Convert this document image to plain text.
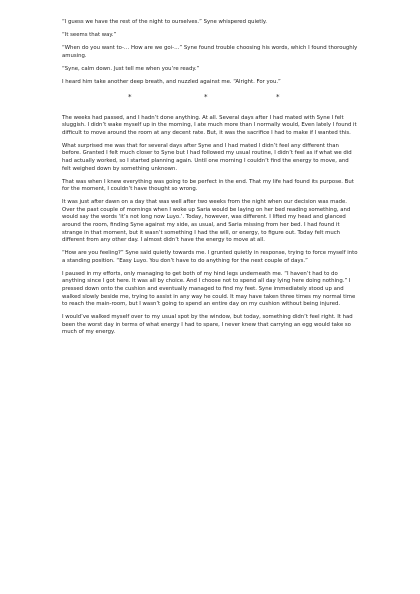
“I guess we have the rest of the night to ourselves.” Syne whispered quietly.

“It seems that way.”

“When do you want to-… How are we goi-…” Syne found trouble choosing his words, which I found thoroughly amusing.

“Syne, calm down. Just tell me when you’re ready.”

I heard him take another deep breath, and nuzzled against me. “Alright. For you.”

*	*	*

The weeks had passed, and I hadn’t done anything. At all. Several days after I had mated with Syne I felt sluggish. I didn’t wake myself up in the morning, I ate much more than I normally would, Even lately I found it difficult to move around the room at any decent rate. But, it was the sacrifice I had to make if I wanted this.

What surprised me was that for several days after Syne and I had mated I didn’t feel any different than before. Granted I felt much closer to Syne but I had followed my usual routine, I didn’t feel as if what we did had actually worked, so I started planning again. Until one morning I couldn’t find the energy to move, and felt weighed down by something unknown.

That was when I knew everything was going to be perfect in the end. That my life had found its purpose. But for the moment, I couldn’t have thought so wrong.

It was just after dawn on a day that was well after two weeks from the night when our decision was made. Over the past couple of mornings when I woke up Saria would be laying on her bed reading something, and would say the words ‘it’s not long now Luyo.’. Today, however, was different. I lifted my head and glanced around the room, finding Syne against my side, as usual, and Saria missing from her bed. I had found it strange in that moment, but it wasn’t something I had the will, or energy, to figure out. Today felt much different from any other day. I almost didn’t have the energy to move at all.

“How are you feeling?” Syne said quietly towards me. I grunted quietly in response, trying to force myself into a standing position. “Easy Luyo. You don’t have to do anything for the next couple of days.”

I paused in my efforts, only managing to get both of my hind legs underneath me. “I haven’t had to do anything since I got here. It was all by choice. And I choose not to spend all day lying here doing nothing.” I pressed down onto the cushion and eventually managed to find my feet. Syne immediately stood up and walked slowly beside me, trying to assist in any way he could. It may have taken three times my normal time to reach the main-room, but I wasn’t going to spend an entire day on my cushion without being injured.

I would’ve walked myself over to my usual spot by the window, but today, something didn’t feel right. It had been the worst day in terms of what energy I had to spare, I never knew that carrying an egg would take so much of my energy.
